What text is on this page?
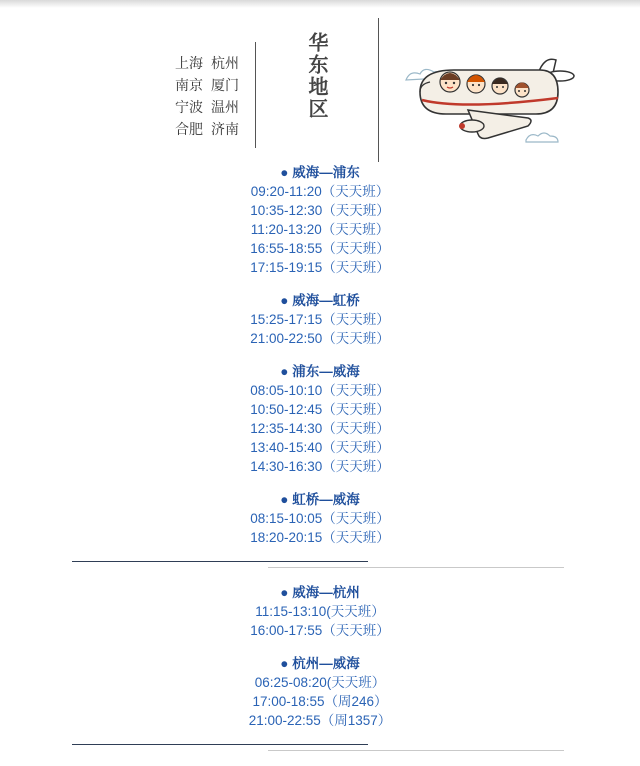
上海 杭州
南京 厦门
宁波 温州
合肥 济南
华东地区
● 威海—浦东
09:20-11:20（天天班）
10:35-12:30（天天班）
11:20-13:20（天天班）
16:55-18:55（天天班）
17:15-19:15（天天班）
● 威海—虹桥
15:25-17:15（天天班）
21:00-22:50（天天班）
● 浦东—威海
08:05-10:10（天天班）
10:50-12:45（天天班）
12:35-14:30（天天班）
13:40-15:40（天天班）
14:30-16:30（天天班）
● 虹桥—威海
08:15-10:05（天天班）
18:20-20:15（天天班）
● 威海—杭州
11:15-13:10(天天班）
16:00-17:55（天天班）
● 杭州—威海
06:25-08:20(天天班）
17:00-18:55（周246）
21:00-22:55（周1357）
